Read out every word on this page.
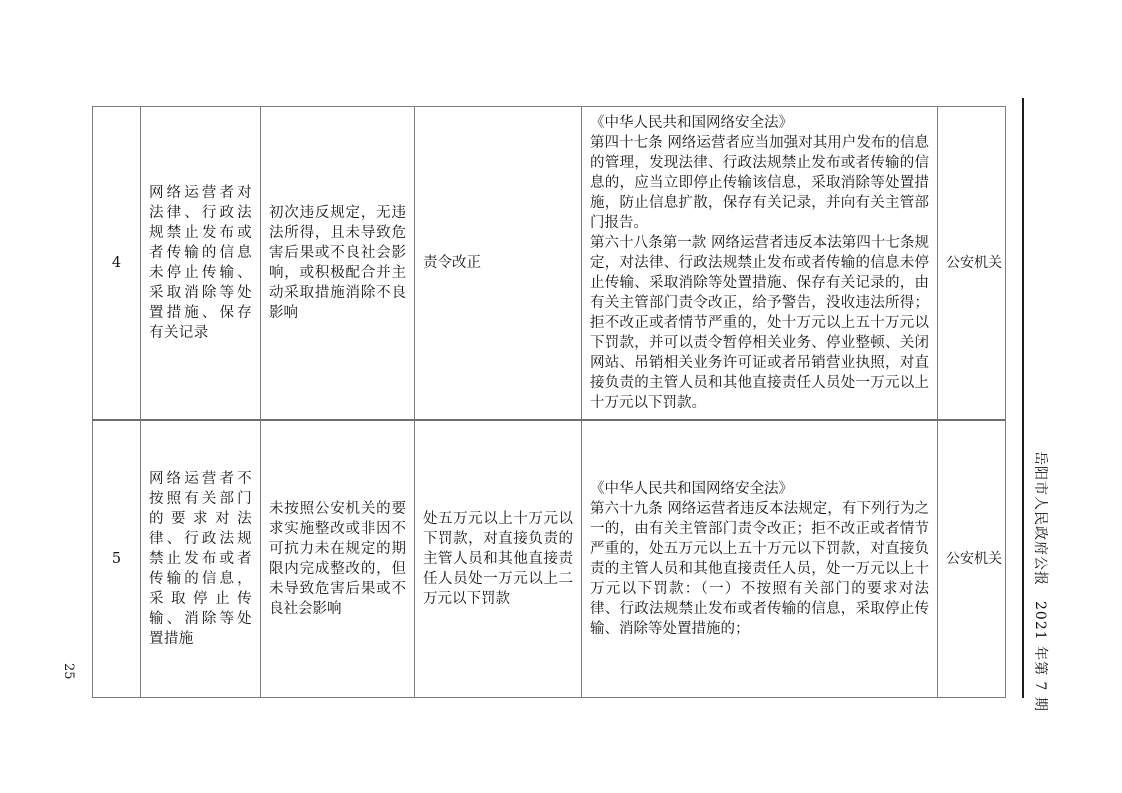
4	网络运营者对法律、行政法规禁止发布或者传输的信息未停止传输、采取消除等处置措施、保存有关记录	初次违反规定，无违法所得，且未导致危害后果或不良社会影响，或积极配合并主动采取措施消除不良影响	责令改正	《中华人民共和国网络安全法》

第四十七条 网络运营者应当加强对其用户发布的信息的管理，发现法律、行政法规禁止发布或者传输的信息的，应当立即停止传输该信息，采取消除等处置措施，防止信息扩散，保存有关记录，并向有关主管部门报告。

第六十八条第一款 网络运营者违反本法第四十七条规定，对法律、行政法规禁止发布或者传输的信息未停止传输、采取消除等处置措施、保存有关记录的，由有关主管部门责令改正，给予警告，没收违法所得；拒不改正或者情节严重的，处十万元以上五十万元以下罚款，并可以责令暂停相关业务、停业整顿、关闭网站、吊销相关业务许可证或者吊销营业执照，对直接负责的主管人员和其他直接责任人员处一万元以上十万元以下罚款。	公安机关
5	网络运营者不按照有关部门的要求对法律、行政法规禁止发布或者传输的信息，采取停止传输、消除等处置措施	未按照公安机关的要求实施整改或非因不可抗力未在规定的期限内完成整改的，但未导致危害后果或不良社会影响	处五万元以上十万元以下罚款，对直接负责的主管人员和其他直接责任人员处一万元以上二万元以下罚款	《中华人民共和国网络安全法》

第六十九条 网络运营者违反本法规定，有下列行为之一的，由有关主管部门责令改正；拒不改正或者情节严重的，处五万元以上五十万元以下罚款，对直接负责的主管人员和其他直接责任人员，处一万元以上十万元以下罚款：（一）不按照有关部门的要求对法律、行政法规禁止发布或者传输的信息，采取停止传输、消除等处置措施的；	公安机关 岳阳市人民政府公报　2021 年第 7 期
25
